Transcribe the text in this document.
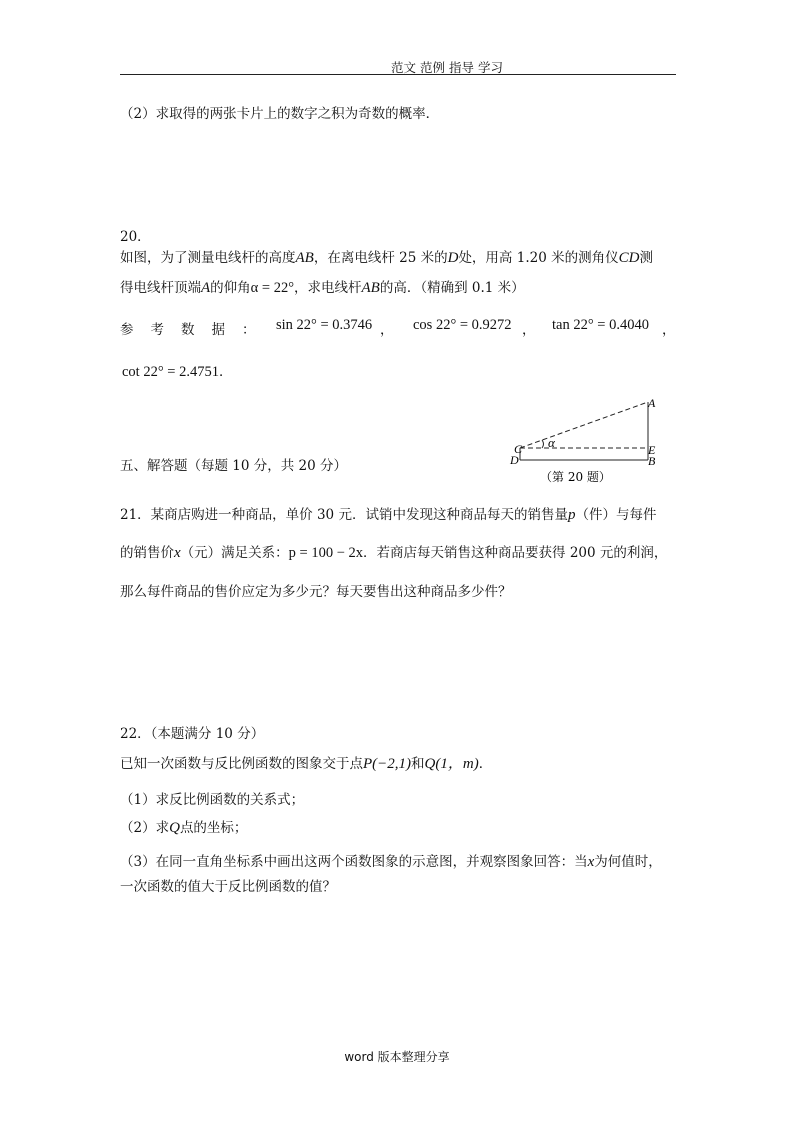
范文 范例 指导 学习
（2）求取得的两张卡片上的数字之积为奇数的概率．
20．
如图，为了测量电线杆的高度AB，在离电线杆 25 米的D处，用高 1.20 米的测角仪CD测
得电线杆顶端A的仰角α = 22°，求电线杆AB的高．（精确到 0.1 米）
参考数据： sin 22° = 0.3746 ， cos 22° = 0.9272 ， tan 22° = 0.4040 ，
cot 22° = 2.4751．
α
A
E
B
C
D
（第 20 题）
五、解答题（每题 10 分，共 20 分）
21．某商店购进一种商品，单价 30 元．试销中发现这种商品每天的销售量p（件）与每件
的销售价x（元）满足关系：p = 100 − 2x．若商店每天销售这种商品要获得 200 元的利润，
那么每件商品的售价应定为多少元？每天要售出这种商品多少件？
22．（本题满分 10 分）
已知一次函数与反比例函数的图象交于点P(−2,1)和Q(1，m)．
（1）求反比例函数的关系式；
（2）求Q点的坐标；
（3）在同一直角坐标系中画出这两个函数图象的示意图，并观察图象回答：当x为何值时，
一次函数的值大于反比例函数的值？
word 版本整理分享
